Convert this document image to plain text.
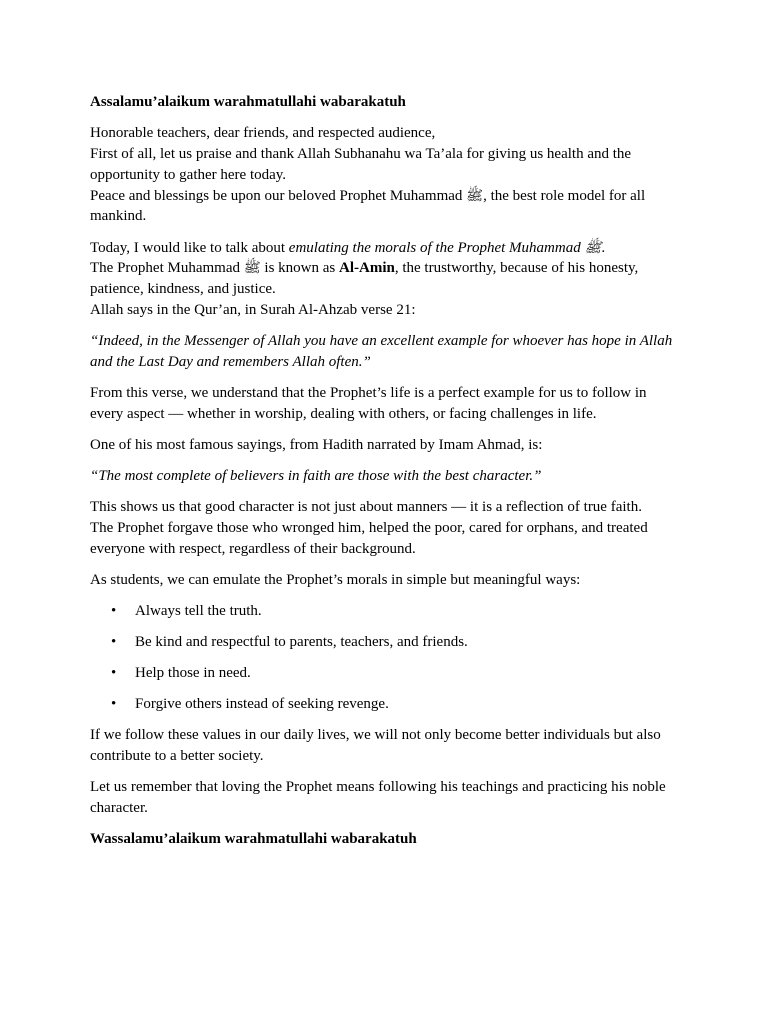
Assalamu’alaikum warahmatullahi wabarakatuh

Honorable teachers, dear friends, and respected audience,
First of all, let us praise and thank Allah Subhanahu wa Ta’ala for giving us health and the opportunity to gather here today.
Peace and blessings be upon our beloved Prophet Muhammad ﷺ, the best role model for all mankind.

Today, I would like to talk about emulating the morals of the Prophet Muhammad ﷺ.
The Prophet Muhammad ﷺ is known as Al-Amin, the trustworthy, because of his honesty, patience, kindness, and justice.
Allah says in the Qur’an, in Surah Al-Ahzab verse 21:

“Indeed, in the Messenger of Allah you have an excellent example for whoever has hope in Allah and the Last Day and remembers Allah often.”

From this verse, we understand that the Prophet’s life is a perfect example for us to follow in every aspect — whether in worship, dealing with others, or facing challenges in life.

One of his most famous sayings, from Hadith narrated by Imam Ahmad, is:

“The most complete of believers in faith are those with the best character.”

This shows us that good character is not just about manners — it is a reflection of true faith.
The Prophet forgave those who wronged him, helped the poor, cared for orphans, and treated everyone with respect, regardless of their background.

As students, we can emulate the Prophet’s morals in simple but meaningful ways:

• Always tell the truth.
• Be kind and respectful to parents, teachers, and friends.
• Help those in need.
• Forgive others instead of seeking revenge.

If we follow these values in our daily lives, we will not only become better individuals but also contribute to a better society.

Let us remember that loving the Prophet means following his teachings and practicing his noble character.

Wassalamu’alaikum warahmatullahi wabarakatuh
